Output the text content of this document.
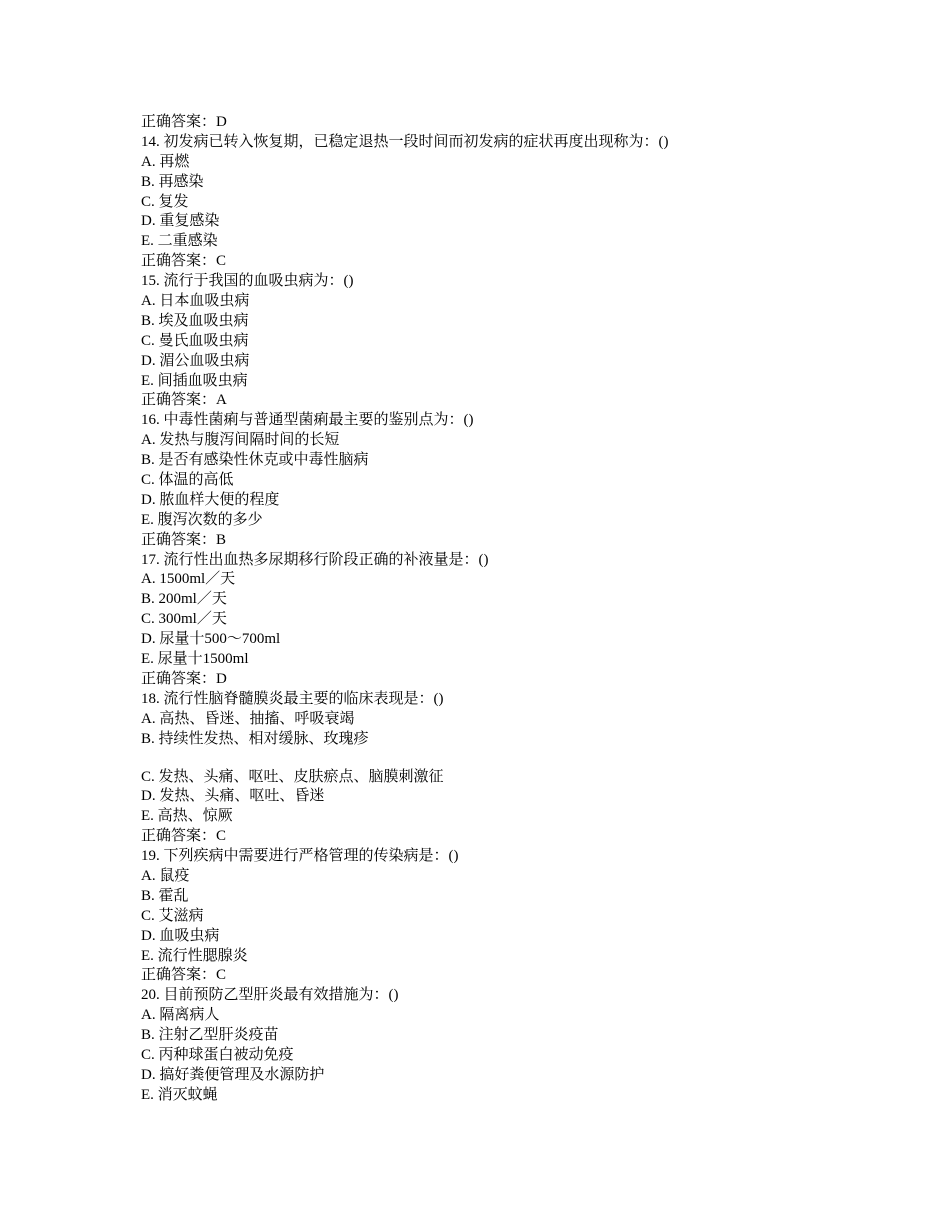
正确答案：D
14. 初发病已转入恢复期，已稳定退热一段时间而初发病的症状再度出现称为：()
A. 再燃
B. 再感染
C. 复发
D. 重复感染
E. 二重感染
正确答案：C
15. 流行于我国的血吸虫病为：()
A. 日本血吸虫病
B. 埃及血吸虫病
C. 曼氏血吸虫病
D. 湄公血吸虫病
E. 间插血吸虫病
正确答案：A
16. 中毒性菌痢与普通型菌痢最主要的鉴别点为：()
A. 发热与腹泻间隔时间的长短
B. 是否有感染性休克或中毒性脑病
C. 体温的高低
D. 脓血样大便的程度
E. 腹泻次数的多少
正确答案：B
17. 流行性出血热多尿期移行阶段正确的补液量是：()
A. 1500ml／天
B. 200ml／天
C. 300ml／天
D. 尿量十500～700ml
E. 尿量十1500ml
正确答案：D
18. 流行性脑脊髓膜炎最主要的临床表现是：()
A. 高热、昏迷、抽搐、呼吸衰竭
B. 持续性发热、相对缓脉、玫瑰疹
C. 发热、头痛、呕吐、皮肤瘀点、脑膜刺激征
D. 发热、头痛、呕吐、昏迷
E. 高热、惊厥
正确答案：C
19. 下列疾病中需要进行严格管理的传染病是：()
A. 鼠疫
B. 霍乱
C. 艾滋病
D. 血吸虫病
E. 流行性腮腺炎
正确答案：C
20. 目前预防乙型肝炎最有效措施为：()
A. 隔离病人
B. 注射乙型肝炎疫苗
C. 丙种球蛋白被动免疫
D. 搞好粪便管理及水源防护
E. 消灭蚊蝇
